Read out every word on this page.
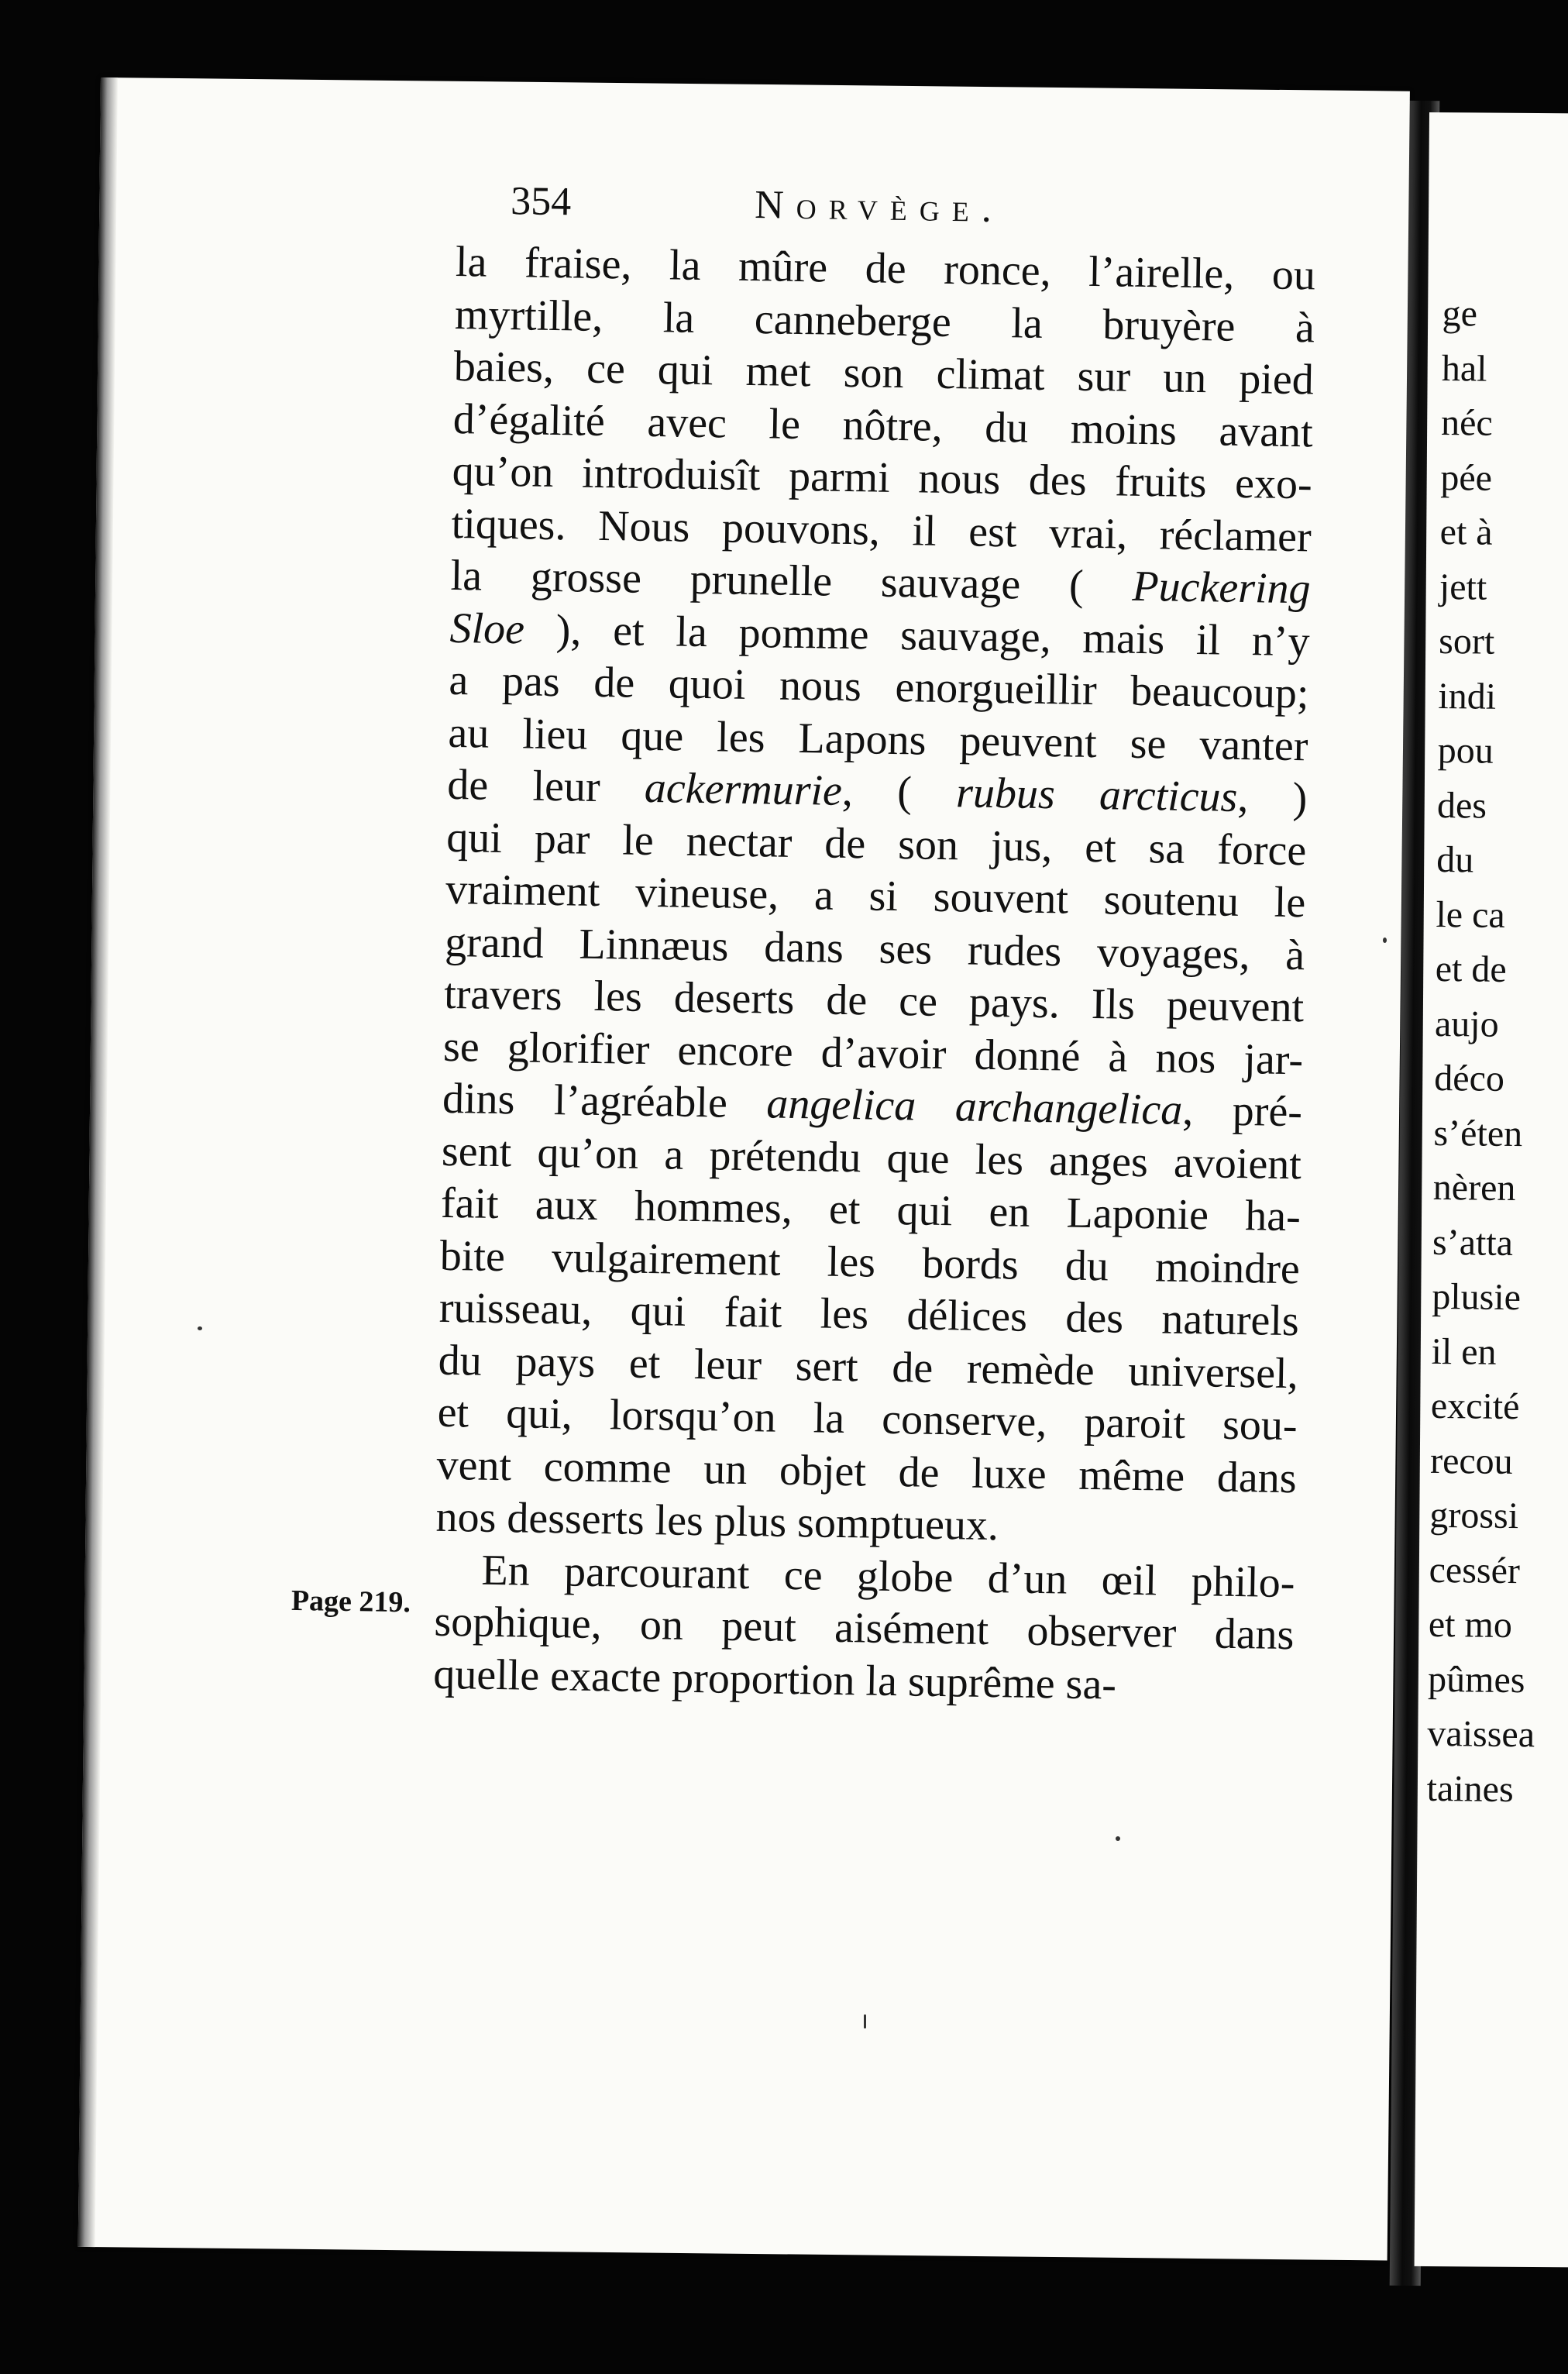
354	Norvège.
la fraise, la mûre de ronce, l’airelle, ou
myrtille, la canneberge la bruyère à
baies, ce qui met son climat sur un pied
d’égalité avec le nôtre, du moins avant
qu’on introduisît parmi nous des fruits exo-
tiques. Nous pouvons, il est vrai, réclamer
la grosse prunelle sauvage ( Puckering
Sloe ), et la pomme sauvage, mais il n’y
a pas de quoi nous enorgueillir beaucoup;
au lieu que les Lapons peuvent se vanter
de leur ackermurie, ( rubus arcticus, )
qui par le nectar de son jus, et sa force
vraiment vineuse, a si souvent soutenu le
grand Linnæus dans ses rudes voyages, à
travers les deserts de ce pays. Ils peuvent
se glorifier encore d’avoir donné à nos jar-
dins l’agréable angelica archangelica, pré-
sent qu’on a prétendu que les anges avoient
fait aux hommes, et qui en Laponie ha-
bite vulgairement les bords du moindre
ruisseau, qui fait les délices des naturels
du pays et leur sert de remède universel,
et qui, lorsqu’on la conserve, paroit sou-
vent comme un objet de luxe même dans
nos desserts les plus somptueux.
En parcourant ce globe d’un œil philo-
sophique, on peut aisément observer dans
quelle exacte proportion la suprême sa-
Page 219.
ge
hal
néc
pée
et à
jett
sort
indi
pou
des
du
le ca
et de
aujo
déco
s’éten
nèren
s’atta
plusie
il en
excité
recou
grossi
cessér
et mo
pûmes
vaissea
taines
